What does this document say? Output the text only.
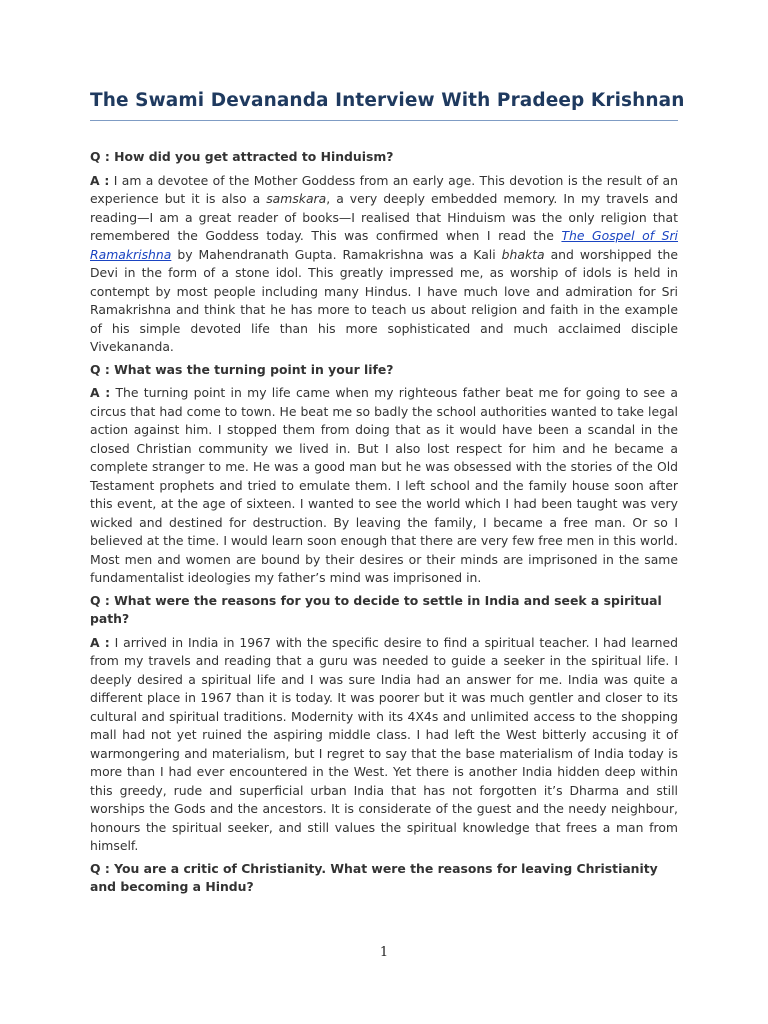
The Swami Devananda Interview With Pradeep Krishnan

Q : How did you get attracted to Hinduism?

A : I am a devotee of the Mother Goddess from an early age. This devotion is the result of an experience but it is also a samskara, a very deeply embedded memory. In my travels and reading—I am a great reader of books—I realised that Hinduism was the only religion that remembered the Goddess today. This was confirmed when I read the The Gospel of Sri Ramakrishna by Mahendranath Gupta. Ramakrishna was a Kali bhakta and worshipped the Devi in the form of a stone idol. This greatly impressed me, as worship of idols is held in contempt by most people including many Hindus. I have much love and admiration for Sri Ramakrishna and think that he has more to teach us about religion and faith in the example of his simple devoted life than his more sophisticated and much acclaimed disciple Vivekananda.

Q : What was the turning point in your life?

A : The turning point in my life came when my righteous father beat me for going to see a circus that had come to town. He beat me so badly the school authorities wanted to take legal action against him. I stopped them from doing that as it would have been a scandal in the closed Christian community we lived in. But I also lost respect for him and he became a complete stranger to me. He was a good man but he was obsessed with the stories of the Old Testament prophets and tried to emulate them. I left school and the family house soon after this event, at the age of sixteen. I wanted to see the world which I had been taught was very wicked and destined for destruction. By leaving the family, I became a free man. Or so I believed at the time. I would learn soon enough that there are very few free men in this world. Most men and women are bound by their desires or their minds are imprisoned in the same fundamentalist ideologies my father’s mind was imprisoned in.

Q : What were the reasons for you to decide to settle in India and seek a spiritual path?

A : I arrived in India in 1967 with the specific desire to find a spiritual teacher. I had learned from my travels and reading that a guru was needed to guide a seeker in the spiritual life. I deeply desired a spiritual life and I was sure India had an answer for me. India was quite a different place in 1967 than it is today. It was poorer but it was much gentler and closer to its cultural and spiritual traditions. Modernity with its 4X4s and unlimited access to the shopping mall had not yet ruined the aspiring middle class. I had left the West bitterly accusing it of warmongering and materialism, but I regret to say that the base materialism of India today is more than I had ever encountered in the West. Yet there is another India hidden deep within this greedy, rude and superficial urban India that has not forgotten it’s Dharma and still worships the Gods and the ancestors. It is considerate of the guest and the needy neighbour, honours the spiritual seeker, and still values the spiritual knowledge that frees a man from himself.

Q : You are a critic of Christianity. What were the reasons for leaving Christianity and becoming a Hindu?

1
